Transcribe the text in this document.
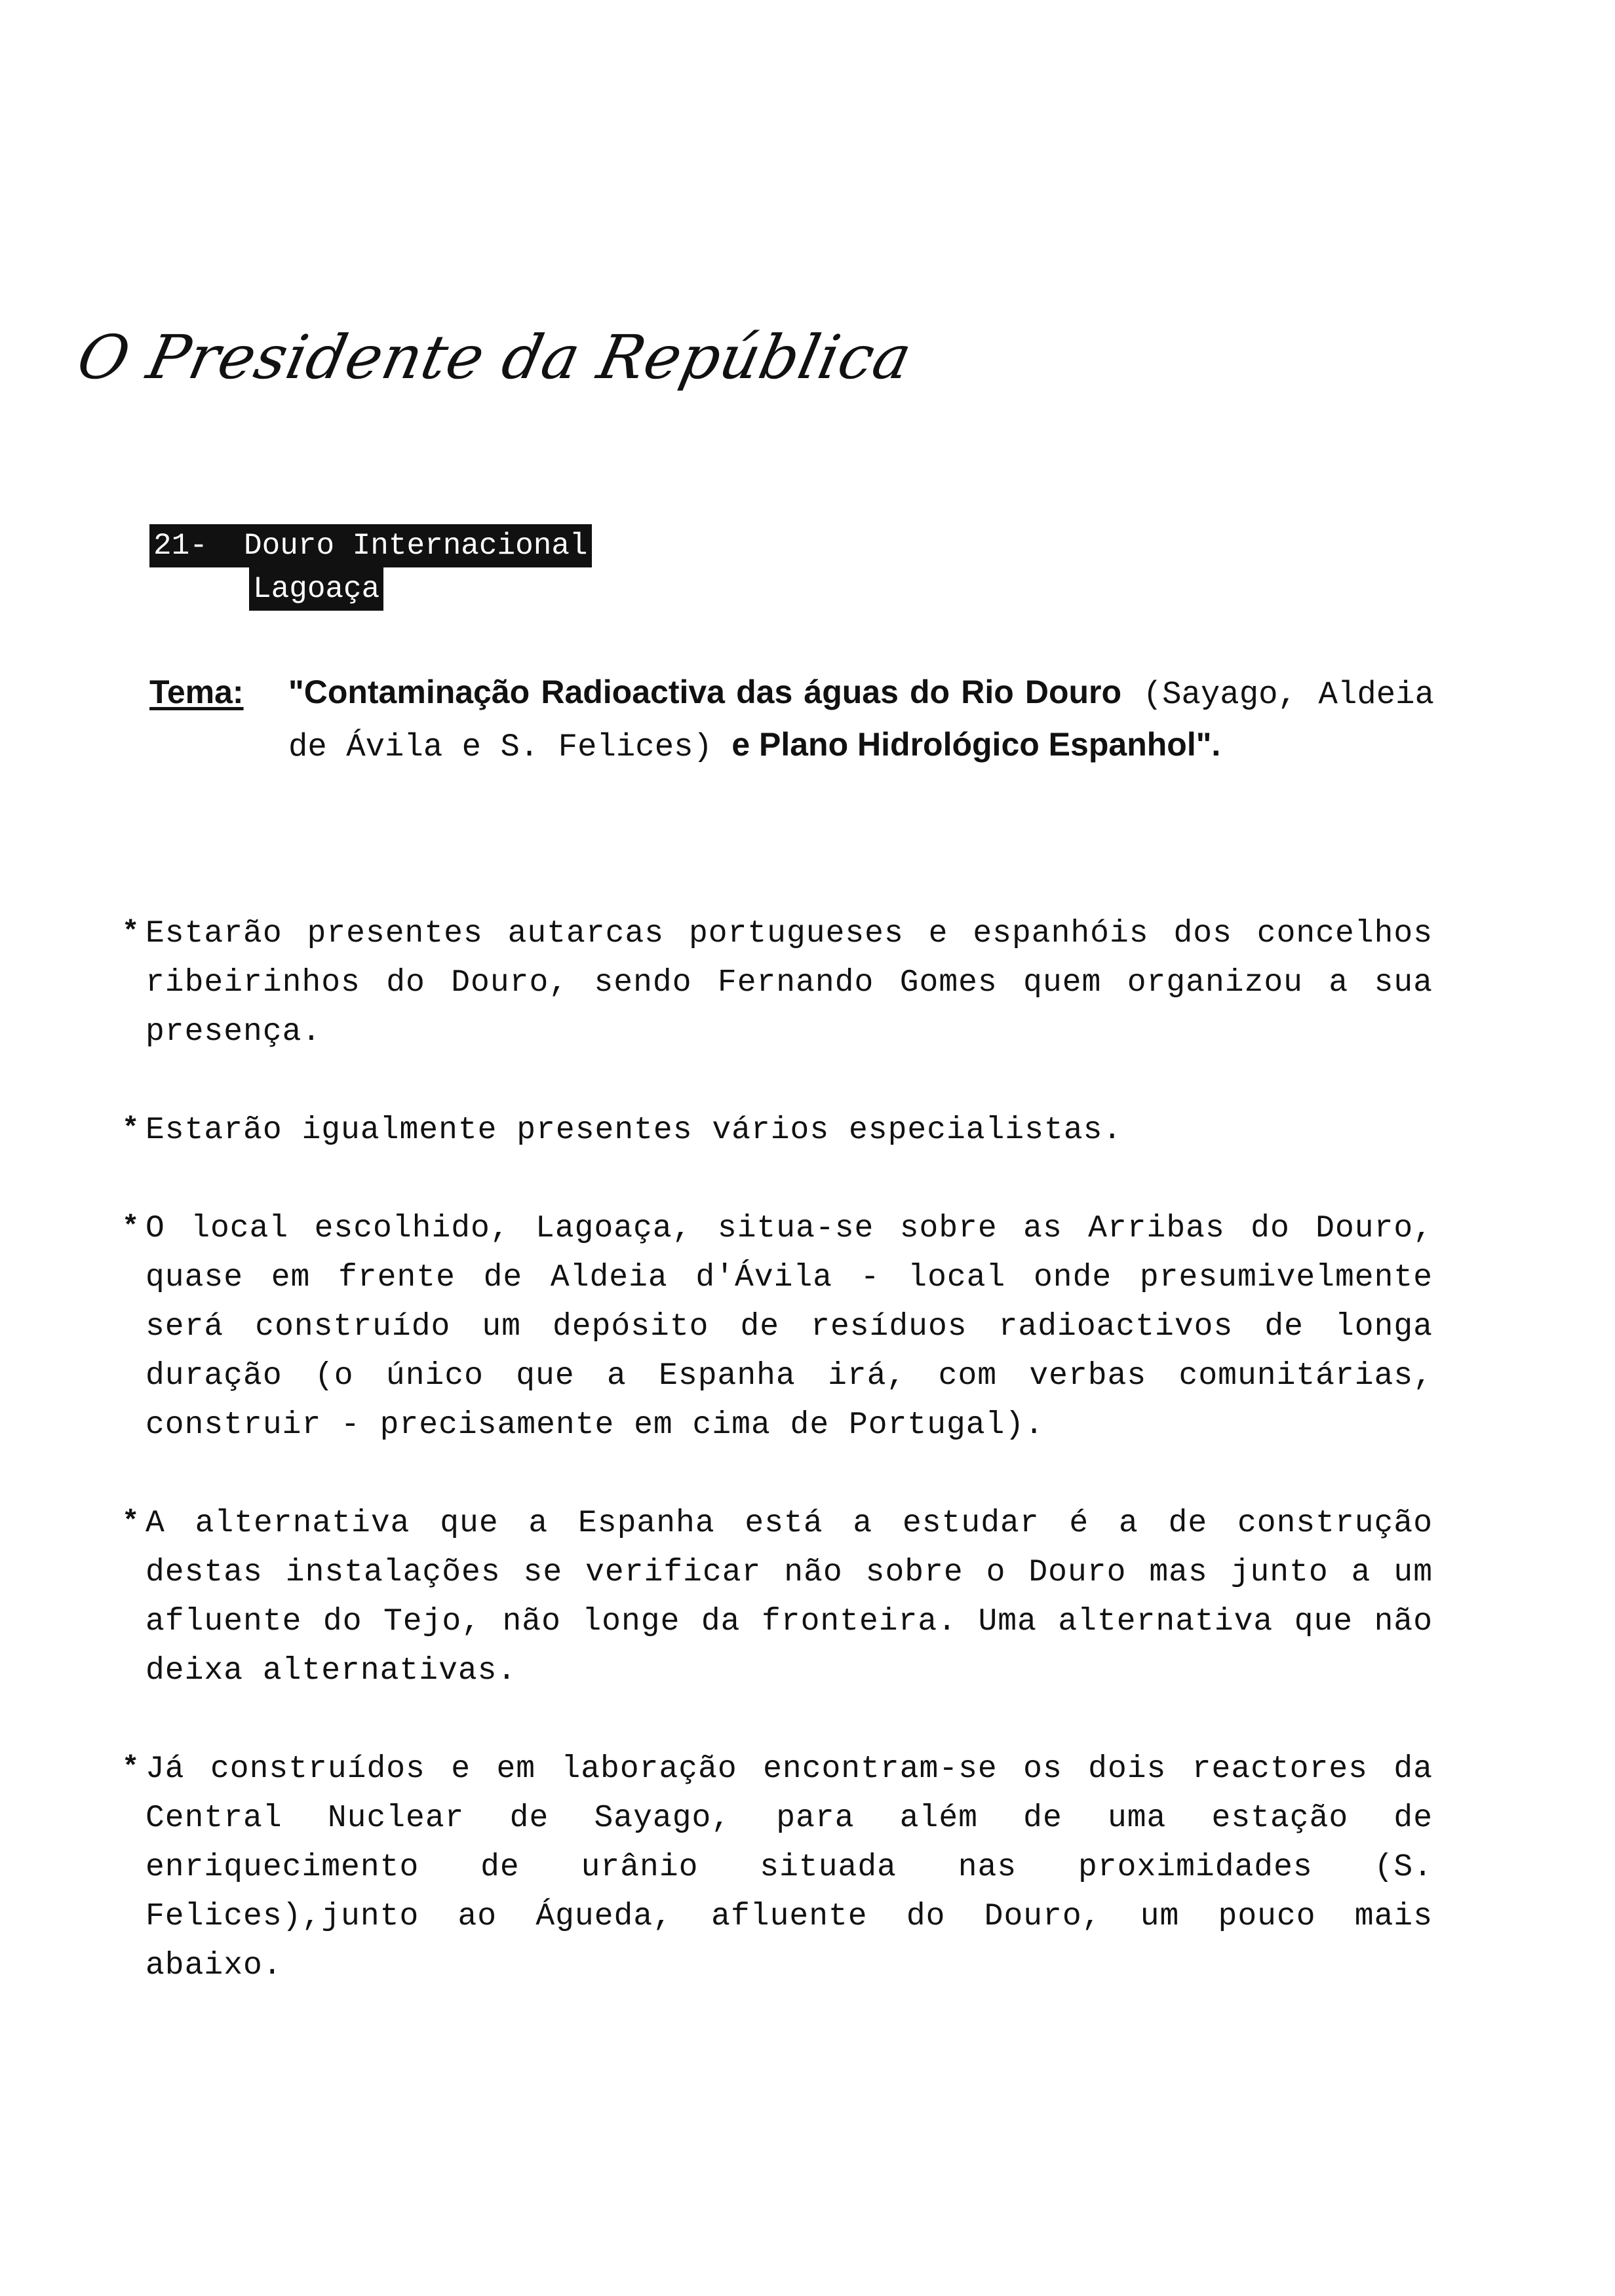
O Presidente da República
21- Douro Internacional
Lagoaça
Tema: "Contaminação Radioactiva das águas do Rio Douro (Sayago, Aldeia de Ávila e S. Felices) e Plano Hidrológico Espanhol".
* Estarão presentes autarcas portugueses e espanhóis dos concelhos ribeirinhos do Douro, sendo Fernando Gomes quem organizou a sua presença.
* Estarão igualmente presentes vários especialistas.
* O local escolhido, Lagoaça, situa-se sobre as Arribas do Douro, quase em frente de Aldeia d'Ávila - local onde presumivelmente será construído um depósito de resíduos radioactivos de longa duração (o único que a Espanha irá, com verbas comunitárias, construir - precisamente em cima de Portugal).
* A alternativa que a Espanha está a estudar é a de construção destas instalações se verificar não sobre o Douro mas junto a um afluente do Tejo, não longe da fronteira. Uma alternativa que não deixa alternativas.
* Já construídos e em laboração encontram-se os dois reactores da Central Nuclear de Sayago, para além de uma estação de enriquecimento de urânio situada nas proximidades (S. Felices),junto ao Águeda, afluente do Douro, um pouco mais abaixo.
